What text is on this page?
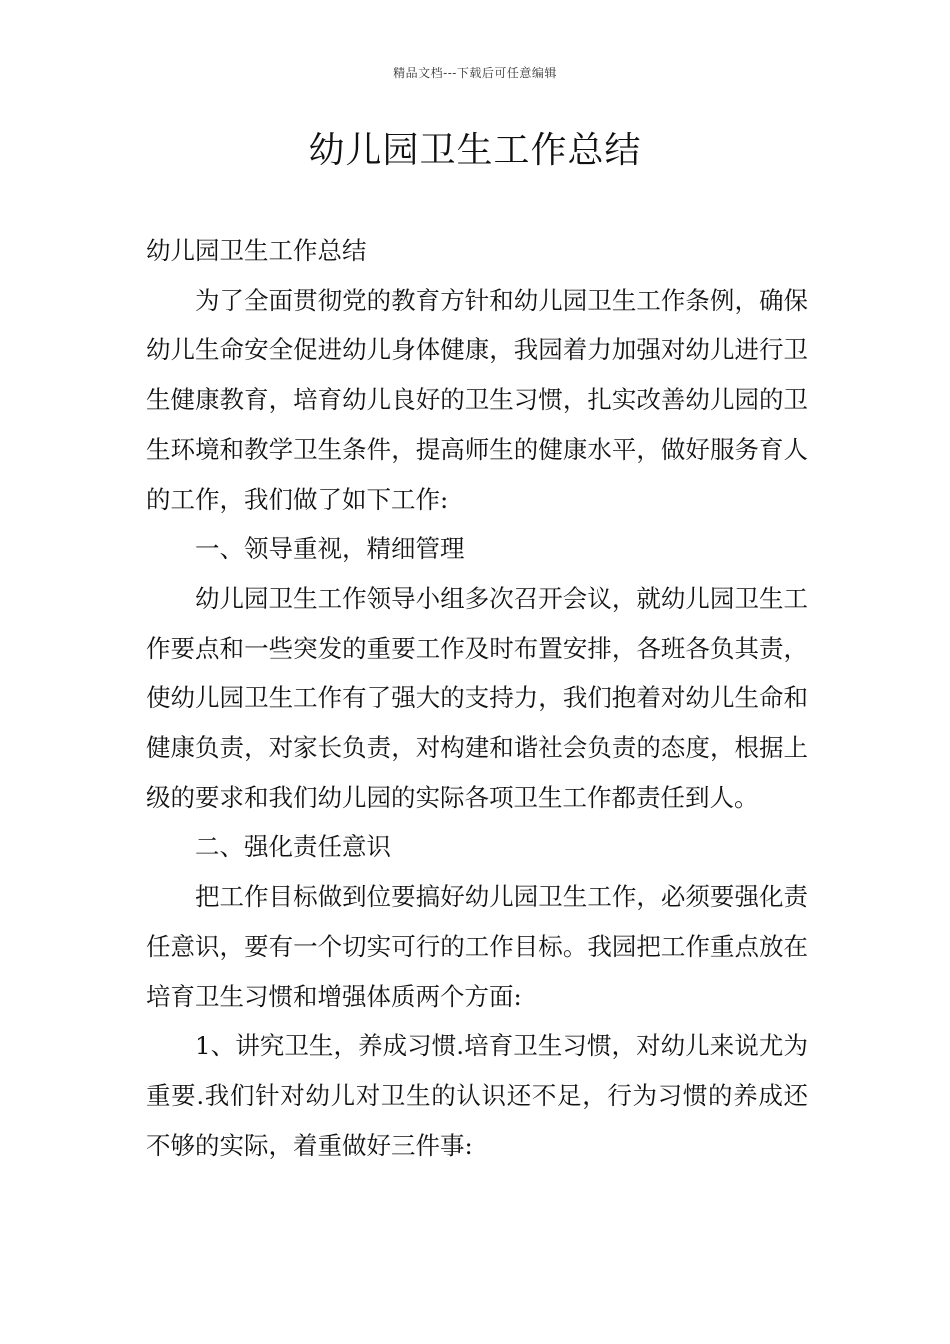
精品文档---下载后可任意编辑
幼儿园卫生工作总结

幼儿园卫生工作总结

为了全面贯彻党的教育方针和幼儿园卫生工作条例，确保幼儿生命安全促进幼儿身体健康，我园着力加强对幼儿进行卫生健康教育，培育幼儿良好的卫生习惯，扎实改善幼儿园的卫生环境和教学卫生条件，提高师生的健康水平，做好服务育人的工作，我们做了如下工作:

一、领导重视，精细管理

幼儿园卫生工作领导小组多次召开会议，就幼儿园卫生工作要点和一些突发的重要工作及时布置安排，各班各负其责，使幼儿园卫生工作有了强大的支持力，我们抱着对幼儿生命和健康负责，对家长负责，对构建和谐社会负责的态度，根据上级的要求和我们幼儿园的实际各项卫生工作都责任到人。

二、强化责任意识

把工作目标做到位要搞好幼儿园卫生工作，必须要强化责任意识，要有一个切实可行的工作目标。我园把工作重点放在培育卫生习惯和增强体质两个方面:

1、讲究卫生，养成习惯.培育卫生习惯，对幼儿来说尤为重要.我们针对幼儿对卫生的认识还不足，行为习惯的养成还不够的实际，着重做好三件事:
